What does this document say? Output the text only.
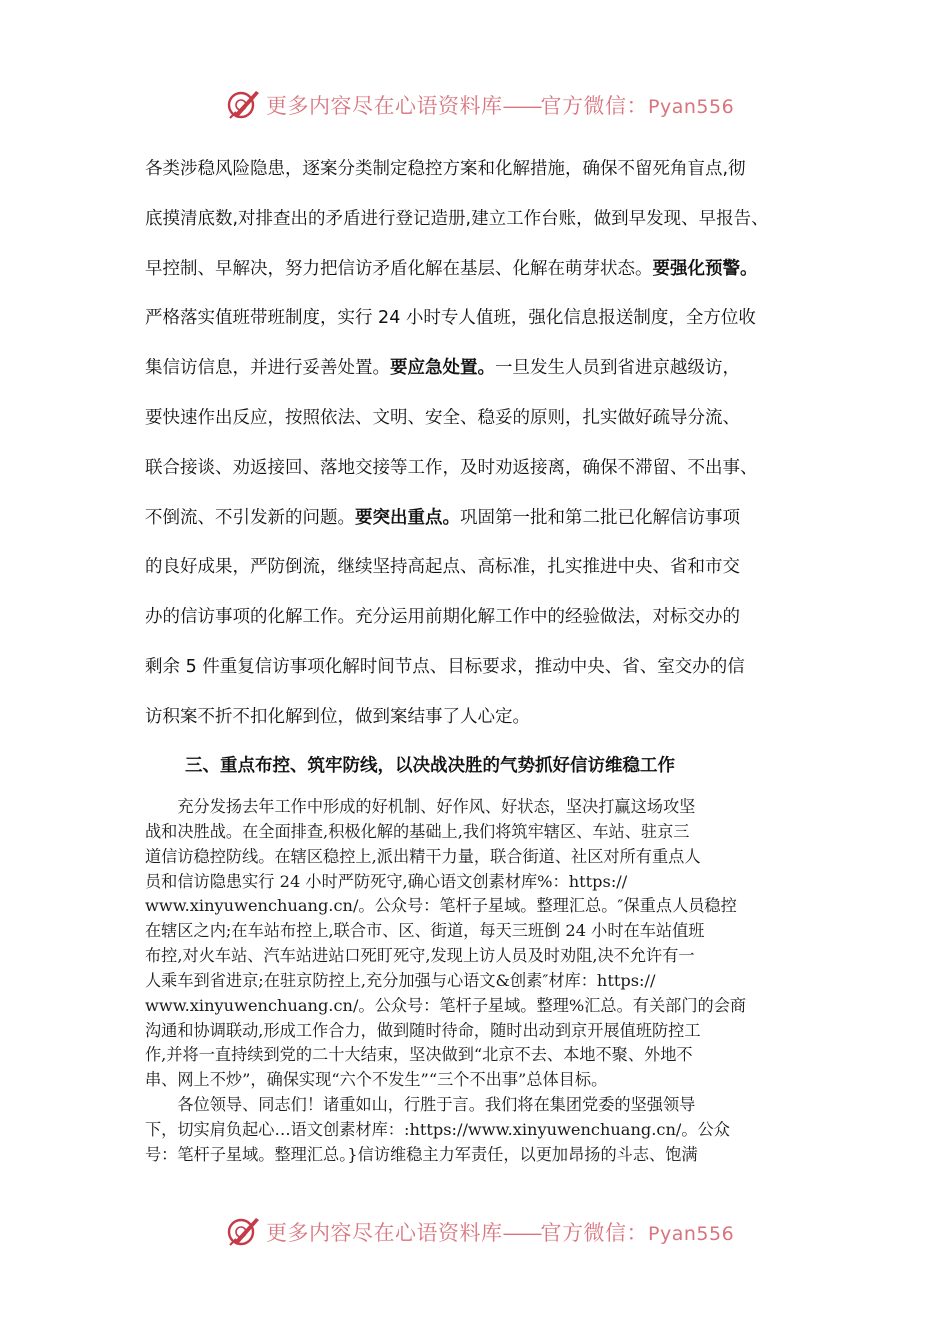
更多内容尽在心语资料库——官方微信：Pyan556
各类涉稳风险隐患，逐案分类制定稳控方案和化解措施，确保不留死角盲点,彻
底摸清底数,对排查出的矛盾进行登记造册,建立工作台账，做到早发现、早报告、
早控制、早解决，努力把信访矛盾化解在基层、化解在萌芽状态。要强化预警。
严格落实值班带班制度，实行 24 小时专人值班，强化信息报送制度，全方位收
集信访信息，并进行妥善处置。要应急处置。一旦发生人员到省进京越级访，
要快速作出反应，按照依法、文明、安全、稳妥的原则，扎实做好疏导分流、
联合接谈、劝返接回、落地交接等工作，及时劝返接离，确保不滞留、不出事、
不倒流、不引发新的问题。要突出重点。巩固第一批和第二批已化解信访事项
的良好成果，严防倒流，继续坚持高起点、高标准，扎实推进中央、省和市交
办的信访事项的化解工作。充分运用前期化解工作中的经验做法，对标交办的
剩余 5 件重复信访事项化解时间节点、目标要求，推动中央、省、室交办的信
访积案不折不扣化解到位，做到案结事了人心定。
三、重点布控、筑牢防线，以决战决胜的气势抓好信访维稳工作
　　充分发扬去年工作中形成的好机制、好作风、好状态，坚决打赢这场攻坚
战和决胜战。在全面排查,积极化解的基础上,我们将筑牢辖区、车站、驻京三
道信访稳控防线。在辖区稳控上,派出精干力量，联合街道、社区对所有重点人
员和信访隐患实行 24 小时严防死守,确心语文创素材库%：https://
www.xinyuwenchuang.cn/。公众号：笔杆子星域。整理汇总。″保重点人员稳控
在辖区之内;在车站布控上,联合市、区、街道，每天三班倒 24 小时在车站值班
布控,对火车站、汽车站进站口死盯死守,发现上访人员及时劝阻,决不允许有一
人乘车到省进京;在驻京防控上,充分加强与心语文&创素″材库：https://
www.xinyuwenchuang.cn/。公众号：笔杆子星域。整理%汇总。有关部门的会商
沟通和协调联动,形成工作合力，做到随时待命，随时出动到京开展值班防控工
作,并将一直持续到党的二十大结束，坚决做到“北京不去、本地不聚、外地不
串、网上不炒”，确保实现“六个不发生”“三个不出事”总体目标。
　　各位领导、同志们！诸重如山，行胜于言。我们将在集团党委的坚强领导
下，切实肩负起心…语文创素材库：:https://www.xinyuwenchuang.cn/。公众
号：笔杆子星域。整理汇总。}信访维稳主力军责任，以更加昂扬的斗志、饱满
更多内容尽在心语资料库——官方微信：Pyan556
